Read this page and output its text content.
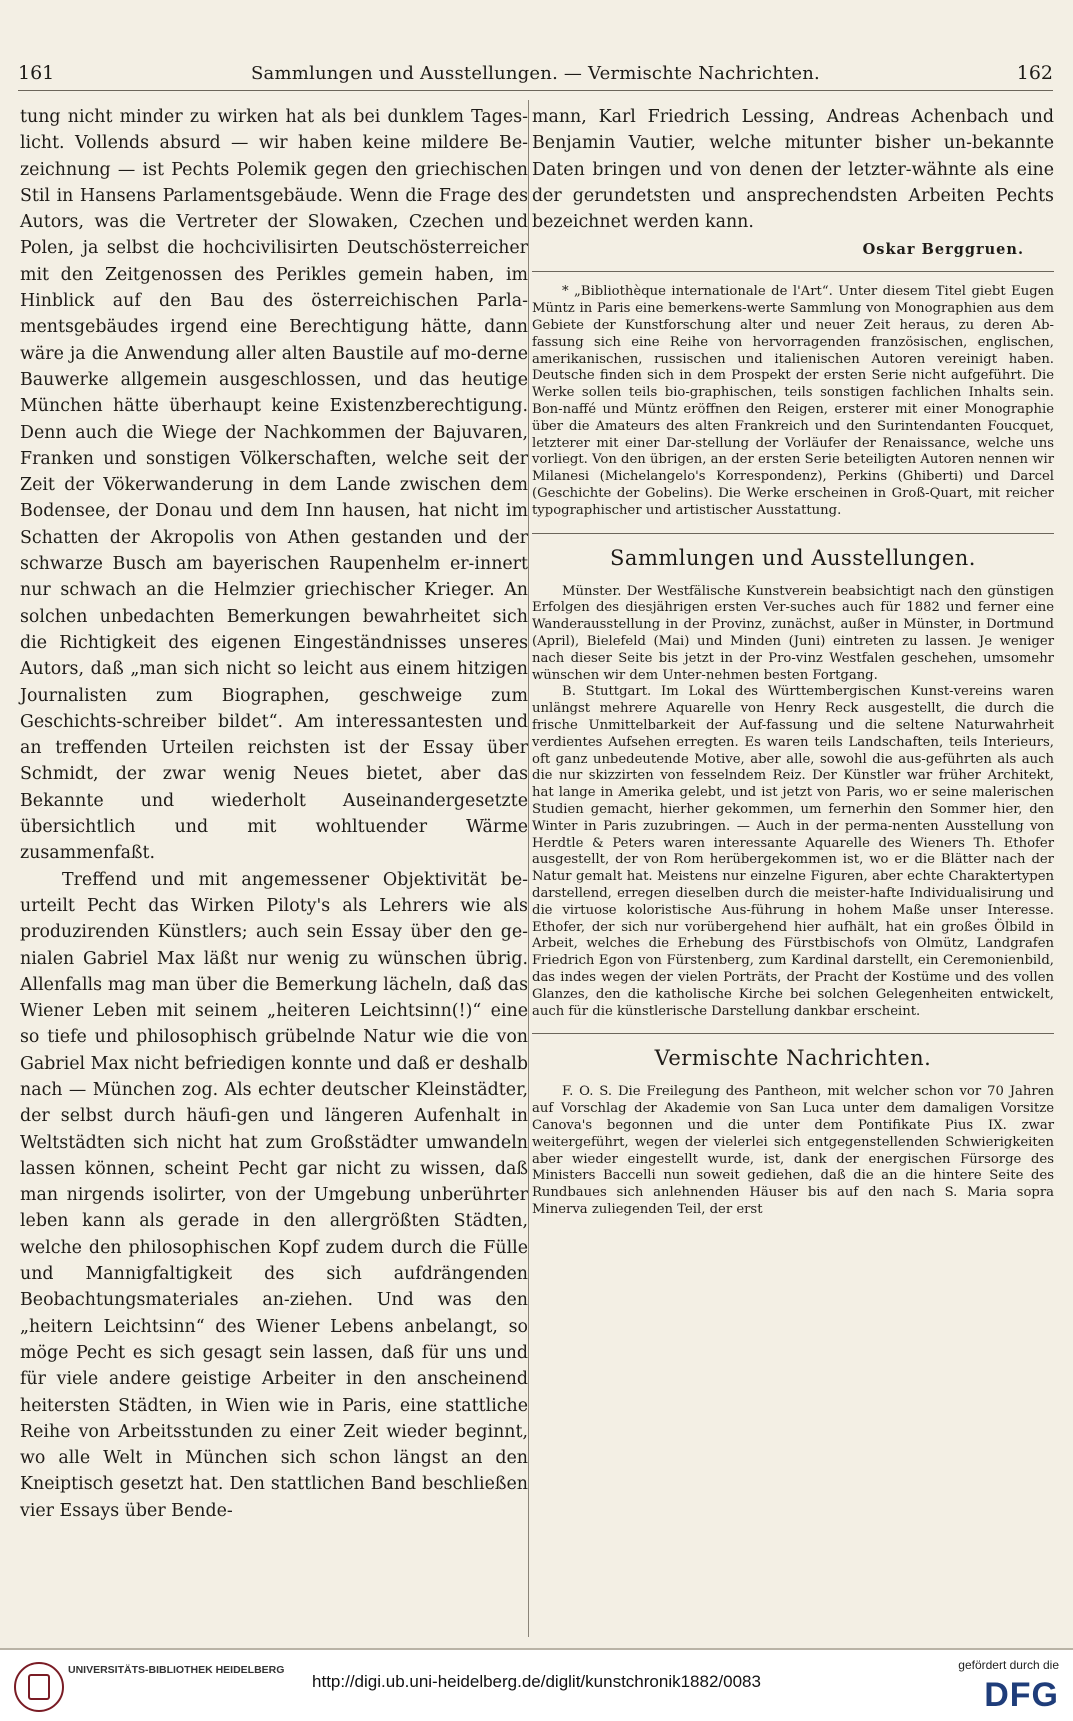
161	Sammlungen und Ausstellungen. — Vermischte Nachrichten.	162

tung nicht minder zu wirken hat als bei dunklem Tages-licht. Vollends absurd — wir haben keine mildere Be-zeichnung — ist Pechts Polemik gegen den griechischen Stil in Hansens Parlamentsgebäude. Wenn die Frage des Autors, was die Vertreter der Slowaken, Czechen und Polen, ja selbst die hochcivilisirten Deutschösterreicher mit den Zeitgenossen des Perikles gemein haben, im Hinblick auf den Bau des österreichischen Parla-mentsgebäudes irgend eine Berechtigung hätte, dann wäre ja die Anwendung aller alten Baustile auf mo-derne Bauwerke allgemein ausgeschlossen, und das heutige München hätte überhaupt keine Existenzberechtigung. Denn auch die Wiege der Nachkommen der Bajuvaren, Franken und sonstigen Völkerschaften, welche seit der Zeit der Vökerwanderung in dem Lande zwischen dem Bodensee, der Donau und dem Inn hausen, hat nicht im Schatten der Akropolis von Athen gestanden und der schwarze Busch am bayerischen Raupenhelm er-innert nur schwach an die Helmzier griechischer Krieger. An solchen unbedachten Bemerkungen bewahrheitet sich die Richtigkeit des eigenen Eingeständnisses unseres Autors, daß „man sich nicht so leicht aus einem hitzigen Journalisten zum Biographen, geschweige zum Geschichts-schreiber bildet“. Am interessantesten und an treffenden Urteilen reichsten ist der Essay über Schmidt, der zwar wenig Neues bietet, aber das Bekannte und wiederholt Auseinandergesetzte übersichtlich und mit wohltuender Wärme zusammenfaßt.

Treffend und mit angemessener Objektivität be-urteilt Pecht das Wirken Piloty's als Lehrers wie als produzirenden Künstlers; auch sein Essay über den ge-nialen Gabriel Max läßt nur wenig zu wünschen übrig. Allenfalls mag man über die Bemerkung lächeln, daß das Wiener Leben mit seinem „heiteren Leichtsinn(!)“ eine so tiefe und philosophisch grübelnde Natur wie die von Gabriel Max nicht befriedigen konnte und daß er deshalb nach — München zog. Als echter deutscher Kleinstädter, der selbst durch häufi-gen und längeren Aufenhalt in Weltstädten sich nicht hat zum Großstädter umwandeln lassen können, scheint Pecht gar nicht zu wissen, daß man nirgends isolirter, von der Umgebung unberührter leben kann als gerade in den allergrößten Städten, welche den philosophischen Kopf zudem durch die Fülle und Mannigfaltigkeit des sich aufdrängenden Beobachtungsmateriales an-ziehen. Und was den „heitern Leichtsinn“ des Wiener Lebens anbelangt, so möge Pecht es sich gesagt sein lassen, daß für uns und für viele andere geistige Arbeiter in den anscheinend heitersten Städten, in Wien wie in Paris, eine stattliche Reihe von Arbeitsstunden zu einer Zeit wieder beginnt, wo alle Welt in München sich schon längst an den Kneiptisch gesetzt hat. Den stattlichen Band beschließen vier Essays über Bende-

mann, Karl Friedrich Lessing, Andreas Achenbach und Benjamin Vautier, welche mitunter bisher un-bekannte Daten bringen und von denen der letzter-wähnte als eine der gerundetsten und ansprechendsten Arbeiten Pechts bezeichnet werden kann.

Oskar Berggruen.

* „Bibliothèque internationale de l'Art“. Unter diesem Titel giebt Eugen Müntz in Paris eine bemerkens-werte Sammlung von Monographien aus dem Gebiete der Kunstforschung alter und neuer Zeit heraus, zu deren Ab-fassung sich eine Reihe von hervorragenden französischen, englischen, amerikanischen, russischen und italienischen Autoren vereinigt haben. Deutsche finden sich in dem Prospekt der ersten Serie nicht aufgeführt. Die Werke sollen teils bio-graphischen, teils sonstigen fachlichen Inhalts sein. Bon-naffé und Müntz eröffnen den Reigen, ersterer mit einer Monographie über die Amateurs des alten Frankreich und den Surintendanten Foucquet, letzterer mit einer Dar-stellung der Vorläufer der Renaissance, welche uns vorliegt. Von den übrigen, an der ersten Serie beteiligten Autoren nennen wir Milanesi (Michelangelo's Korrespondenz), Perkins (Ghiberti) und Darcel (Geschichte der Gobelins). Die Werke erscheinen in Groß-Quart, mit reicher typographischer und artistischer Ausstattung.

Sammlungen und Ausstellungen.

Münster. Der Westfälische Kunstverein beabsichtigt nach den günstigen Erfolgen des diesjährigen ersten Ver-suches auch für 1882 und ferner eine Wanderausstellung in der Provinz, zunächst, außer in Münster, in Dortmund (April), Bielefeld (Mai) und Minden (Juni) eintreten zu lassen. Je weniger nach dieser Seite bis jetzt in der Pro-vinz Westfalen geschehen, umsomehr wünschen wir dem Unter-nehmen besten Fortgang.

B. Stuttgart. Im Lokal des Württembergischen Kunst-vereins waren unlängst mehrere Aquarelle von Henry Reck ausgestellt, die durch die frische Unmittelbarkeit der Auf-fassung und die seltene Naturwahrheit verdientes Aufsehen erregten. Es waren teils Landschaften, teils Interieurs, oft ganz unbedeutende Motive, aber alle, sowohl die aus-geführten als auch die nur skizzirten von fesselndem Reiz. Der Künstler war früher Architekt, hat lange in Amerika gelebt, und ist jetzt von Paris, wo er seine malerischen Studien gemacht, hierher gekommen, um fernerhin den Sommer hier, den Winter in Paris zuzubringen. — Auch in der perma-nenten Ausstellung von Herdtle & Peters waren interessante Aquarelle des Wieners Th. Ethofer ausgestellt, der von Rom herübergekommen ist, wo er die Blätter nach der Natur gemalt hat. Meistens nur einzelne Figuren, aber echte Charaktertypen darstellend, erregen dieselben durch die meister-hafte Individualisirung und die virtuose koloristische Aus-führung in hohem Maße unser Interesse. Ethofer, der sich nur vorübergehend hier aufhält, hat ein großes Ölbild in Arbeit, welches die Erhebung des Fürstbischofs von Olmütz, Landgrafen Friedrich Egon von Fürstenberg, zum Kardinal darstellt, ein Ceremonienbild, das indes wegen der vielen Porträts, der Pracht der Kostüme und des vollen Glanzes, den die katholische Kirche bei solchen Gelegenheiten entwickelt, auch für die künstlerische Darstellung dankbar erscheint.

Vermischte Nachrichten.

F. O. S. Die Freilegung des Pantheon, mit welcher schon vor 70 Jahren auf Vorschlag der Akademie von San Luca unter dem damaligen Vorsitze Canova's begonnen und die unter dem Pontifikate Pius IX. zwar weitergeführt, wegen der vielerlei sich entgegenstellenden Schwierigkeiten aber wieder eingestellt wurde, ist, dank der energischen Fürsorge des Ministers Baccelli nun soweit gediehen, daß die an die hintere Seite des Rundbaues sich anlehnenden Häuser bis auf den nach S. Maria sopra Minerva zuliegenden Teil, der erst

UNIVERSITÄTS-BIBLIOTHEK HEIDELBERG
http://digi.ub.uni-heidelberg.de/diglit/kunstchronik1882/0083
gefördert durch die
DFG
